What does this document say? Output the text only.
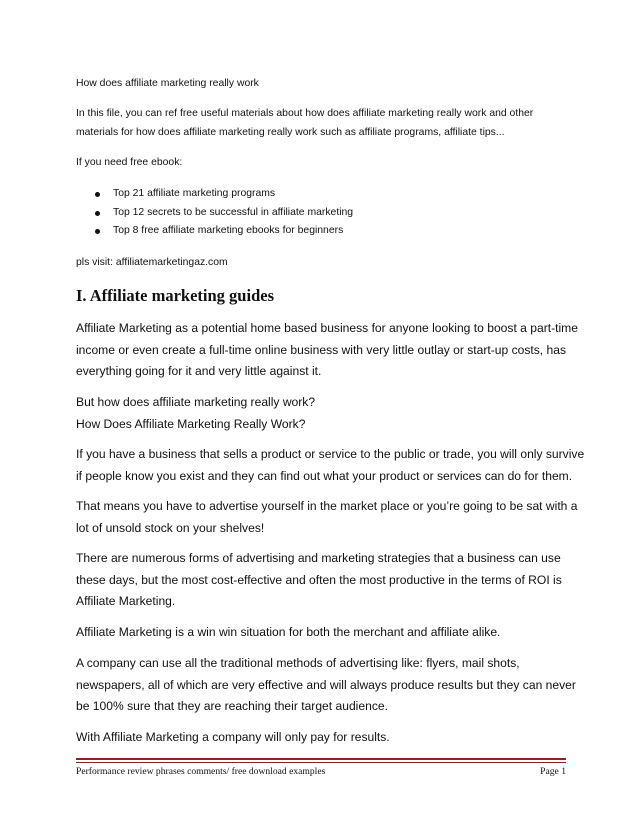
How does affiliate marketing really work
In this file, you can ref free useful materials about how does affiliate marketing really work and other
materials for how does affiliate marketing really work such as affiliate programs, affiliate tips...
If you need free ebook:
Top 21 affiliate marketing programs
Top 12 secrets to be successful in affiliate marketing
Top 8 free affiliate marketing ebooks for beginners
pls visit: affiliatemarketingaz.com
I. Affiliate marketing guides
Affiliate Marketing as a potential home based business for anyone looking to boost a part-time
income or even create a full-time online business with very little outlay or start-up costs, has
everything going for it and very little against it.
But how does affiliate marketing really work?
How Does Affiliate Marketing Really Work?
If you have a business that sells a product or service to the public or trade, you will only survive
if people know you exist and they can find out what your product or services can do for them.
That means you have to advertise yourself in the market place or you’re going to be sat with a
lot of unsold stock on your shelves!
There are numerous forms of advertising and marketing strategies that a business can use
these days, but the most cost-effective and often the most productive in the terms of ROI is
Affiliate Marketing.
Affiliate Marketing is a win win situation for both the merchant and affiliate alike.
A company can use all the traditional methods of advertising like: flyers, mail shots,
newspapers, all of which are very effective and will always produce results but they can never
be 100% sure that they are reaching their target audience.
With Affiliate Marketing a company will only pay for results.
Performance review phrases comments/ free download examples	Page 1
